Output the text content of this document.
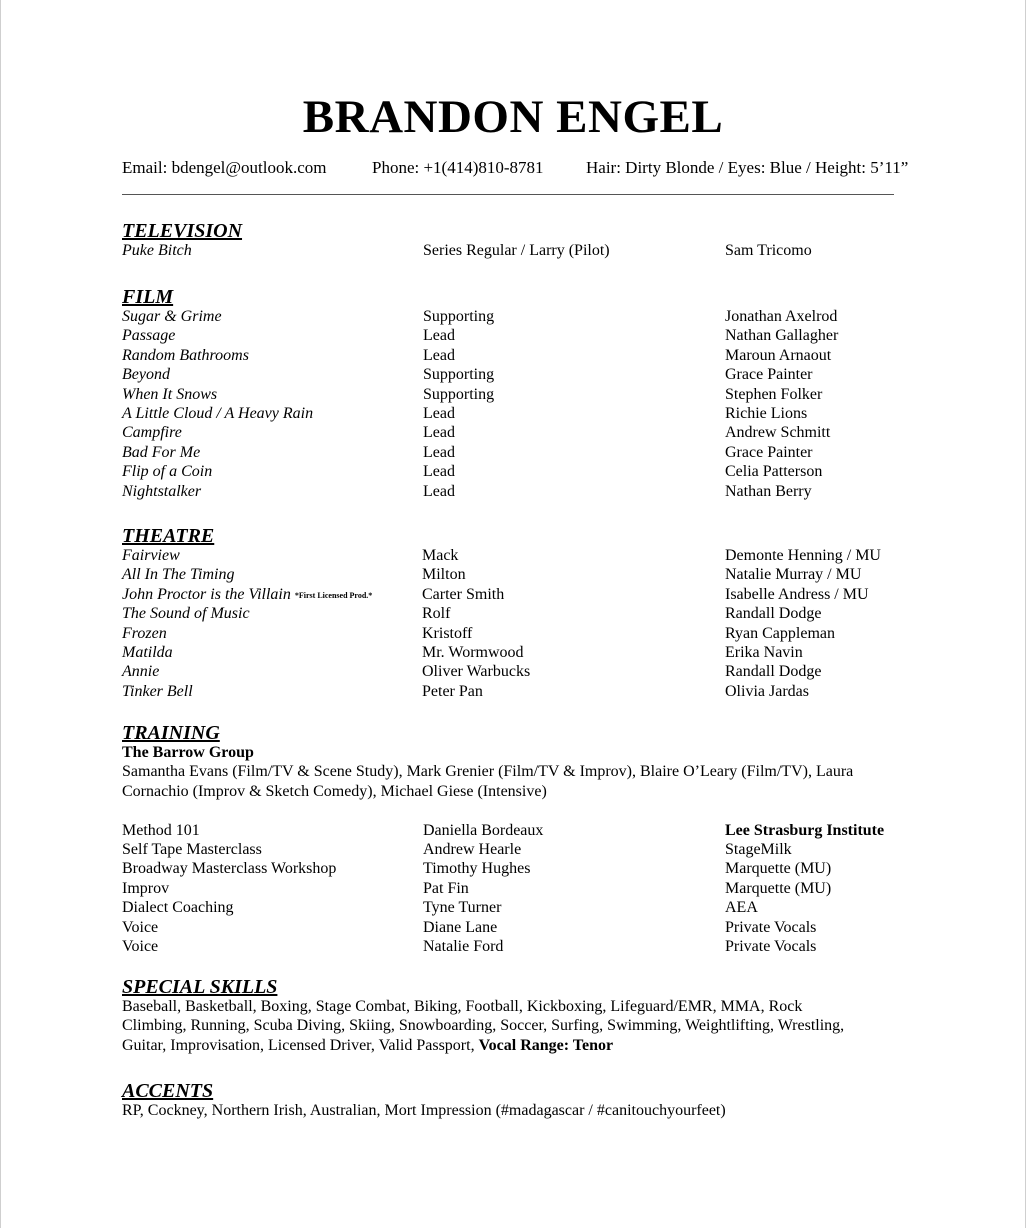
BRANDON ENGEL
Email: bdengel@outlook.com	Phone: +1(414)810-8781 Hair: Dirty Blonde / Eyes: Blue / Height: 5’11”
TELEVISION
Puke Bitch	Series Regular / Larry (Pilot)	Sam Tricomo
FILM
Sugar & Grime	Supporting	Jonathan Axelrod
Passage	Lead	Nathan Gallagher
Random Bathrooms	Lead	Maroun Arnaout
Beyond	Supporting	Grace Painter
When It Snows	Supporting	Stephen Folker
A Little Cloud / A Heavy Rain	Lead	Richie Lions
Campfire	Lead	Andrew Schmitt
Bad For Me	Lead	Grace Painter
Flip of a Coin	Lead	Celia Patterson
Nightstalker	Lead	Nathan Berry
THEATRE
Fairview	Mack	Demonte Henning / MU
All In The Timing	Milton	Natalie Murray / MU
John Proctor is the Villain *First Licensed Prod.*	Carter Smith	Isabelle Andress / MU
The Sound of Music	Rolf	Randall Dodge
Frozen	Kristoff	Ryan Cappleman
Matilda	Mr. Wormwood	Erika Navin
Annie	Oliver Warbucks	Randall Dodge
Tinker Bell	Peter Pan	Olivia Jardas
TRAINING
The Barrow Group
Samantha Evans (Film/TV & Scene Study), Mark Grenier (Film/TV & Improv), Blaire O’Leary (Film/TV), Laura
Cornachio (Improv & Sketch Comedy), Michael Giese (Intensive)
Method 101	Daniella Bordeaux	Lee Strasburg Institute
Self Tape Masterclass	Andrew Hearle	StageMilk
Broadway Masterclass Workshop	Timothy Hughes	Marquette (MU)
Improv	Pat Fin	Marquette (MU)
Dialect Coaching	Tyne Turner	AEA
Voice	Diane Lane	Private Vocals
Voice	Natalie Ford	Private Vocals
SPECIAL SKILLS
Baseball, Basketball, Boxing, Stage Combat, Biking, Football, Kickboxing, Lifeguard/EMR, MMA, Rock
Climbing, Running, Scuba Diving, Skiing, Snowboarding, Soccer, Surfing, Swimming, Weightlifting, Wrestling,
Guitar, Improvisation, Licensed Driver, Valid Passport, Vocal Range: Tenor
ACCENTS
RP, Cockney, Northern Irish, Australian, Mort Impression (#madagascar / #canitouchyourfeet)
